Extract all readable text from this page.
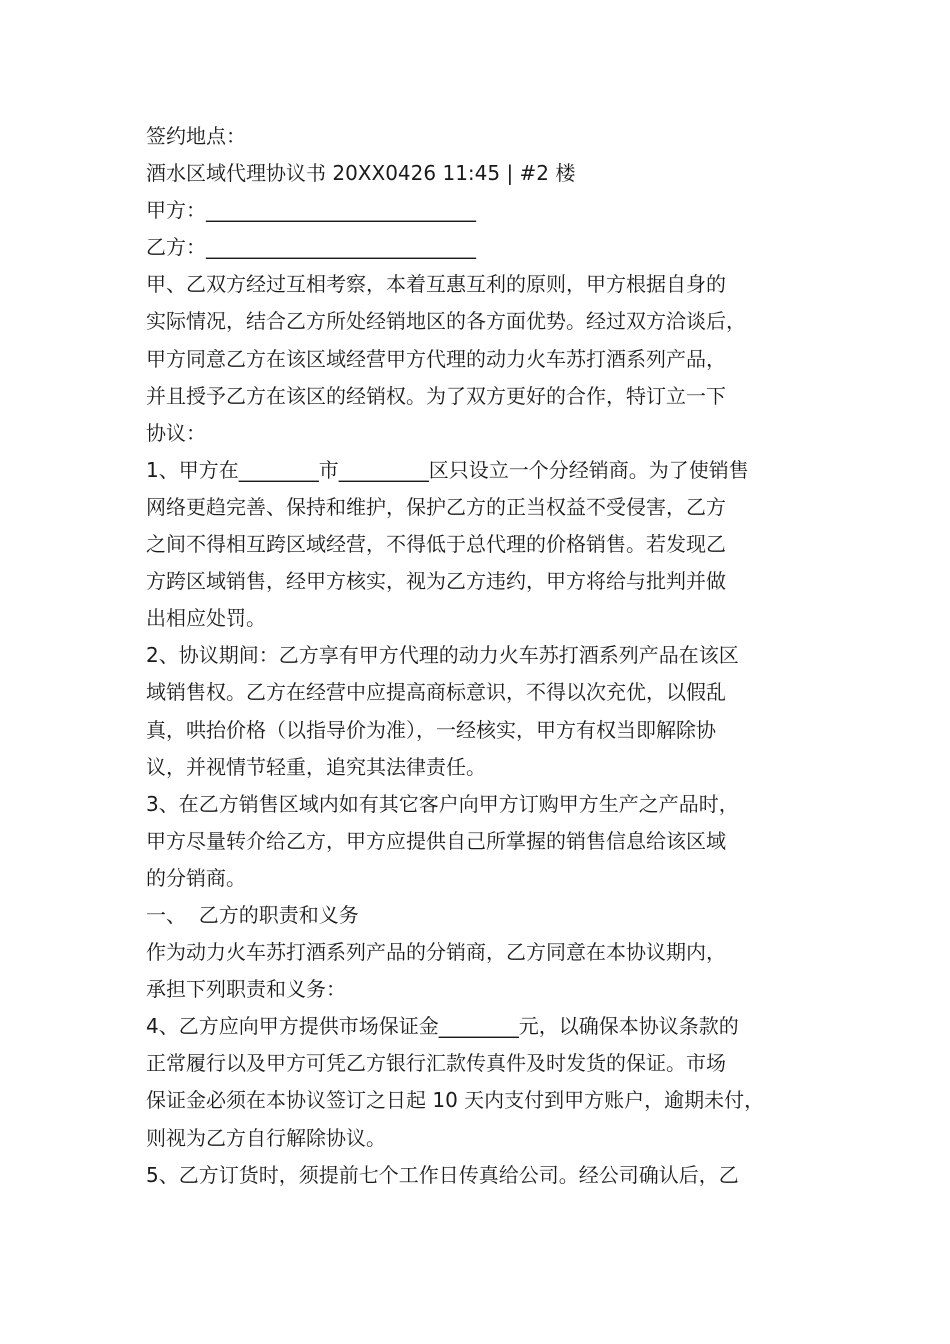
签约地点：
酒水区域代理协议书 20XX0426 11:45 | #2 楼
甲方：___________________________
乙方：___________________________
甲、乙双方经过互相考察，本着互惠互利的原则，甲方根据自身的
实际情况，结合乙方所处经销地区的各方面优势。经过双方洽谈后，
甲方同意乙方在该区域经营甲方代理的动力火车苏打酒系列产品，
并且授予乙方在该区的经销权。为了双方更好的合作，特订立一下
协议：
1、甲方在________市_________区只设立一个分经销商。为了使销售
网络更趋完善、保持和维护，保护乙方的正当权益不受侵害，乙方
之间不得相互跨区域经营，不得低于总代理的价格销售。若发现乙
方跨区域销售，经甲方核实，视为乙方违约，甲方将给与批判并做
出相应处罚。
2、协议期间：乙方享有甲方代理的动力火车苏打酒系列产品在该区
域销售权。乙方在经营中应提高商标意识，不得以次充优，以假乱
真，哄抬价格（以指导价为准），一经核实，甲方有权当即解除协
议，并视情节轻重，追究其法律责任。
3、在乙方销售区域内如有其它客户向甲方订购甲方生产之产品时，
甲方尽量转介给乙方，甲方应提供自己所掌握的销售信息给该区域
的分销商。
一、  乙方的职责和义务
作为动力火车苏打酒系列产品的分销商，乙方同意在本协议期内，
承担下列职责和义务：
4、乙方应向甲方提供市场保证金________元，以确保本协议条款的
正常履行以及甲方可凭乙方银行汇款传真件及时发货的保证。市场
保证金必须在本协议签订之日起 10 天内支付到甲方账户，逾期未付，
则视为乙方自行解除协议。
5、乙方订货时，须提前七个工作日传真给公司。经公司确认后，乙
